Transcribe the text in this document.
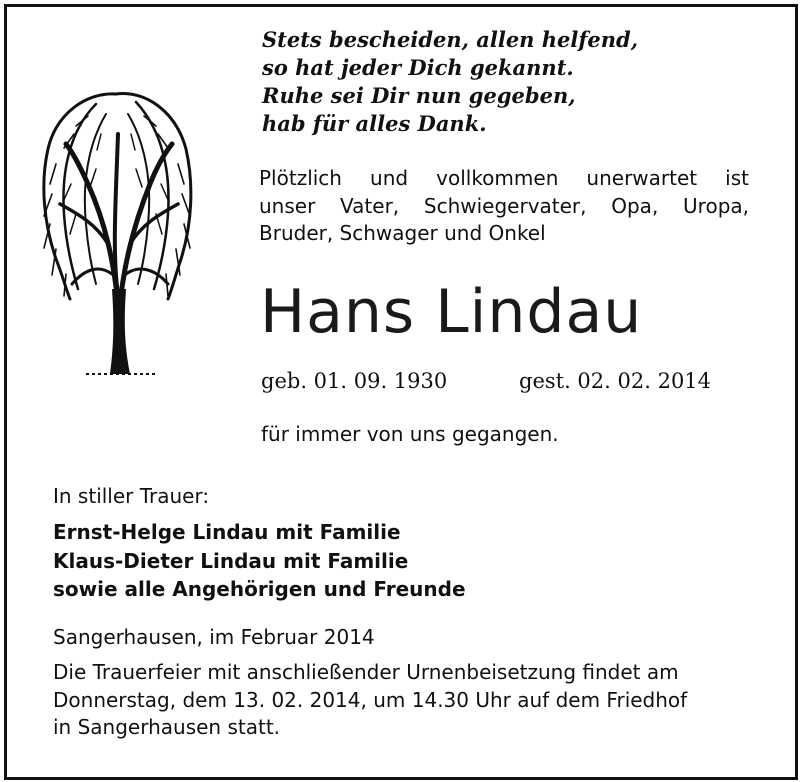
Stets bescheiden, allen helfend,
so hat jeder Dich gekannt.
Ruhe sei Dir nun gegeben,
hab für alles Dank.
Plötzlich und vollkommen unerwartet ist
unser Vater, Schwiegervater, Opa, Uropa,
Bruder, Schwager und Onkel
Hans Lindau
geb. 01. 09. 1930	gest. 02. 02. 2014
für immer von uns gegangen.
In stiller Trauer:
Ernst-Helge Lindau mit Familie
Klaus-Dieter Lindau mit Familie
sowie alle Angehörigen und Freunde
Sangerhausen, im Februar 2014
Die Trauerfeier mit anschließender Urnenbeisetzung findet am
Donnerstag, dem 13. 02. 2014, um 14.30 Uhr auf dem Friedhof
in Sangerhausen statt.
